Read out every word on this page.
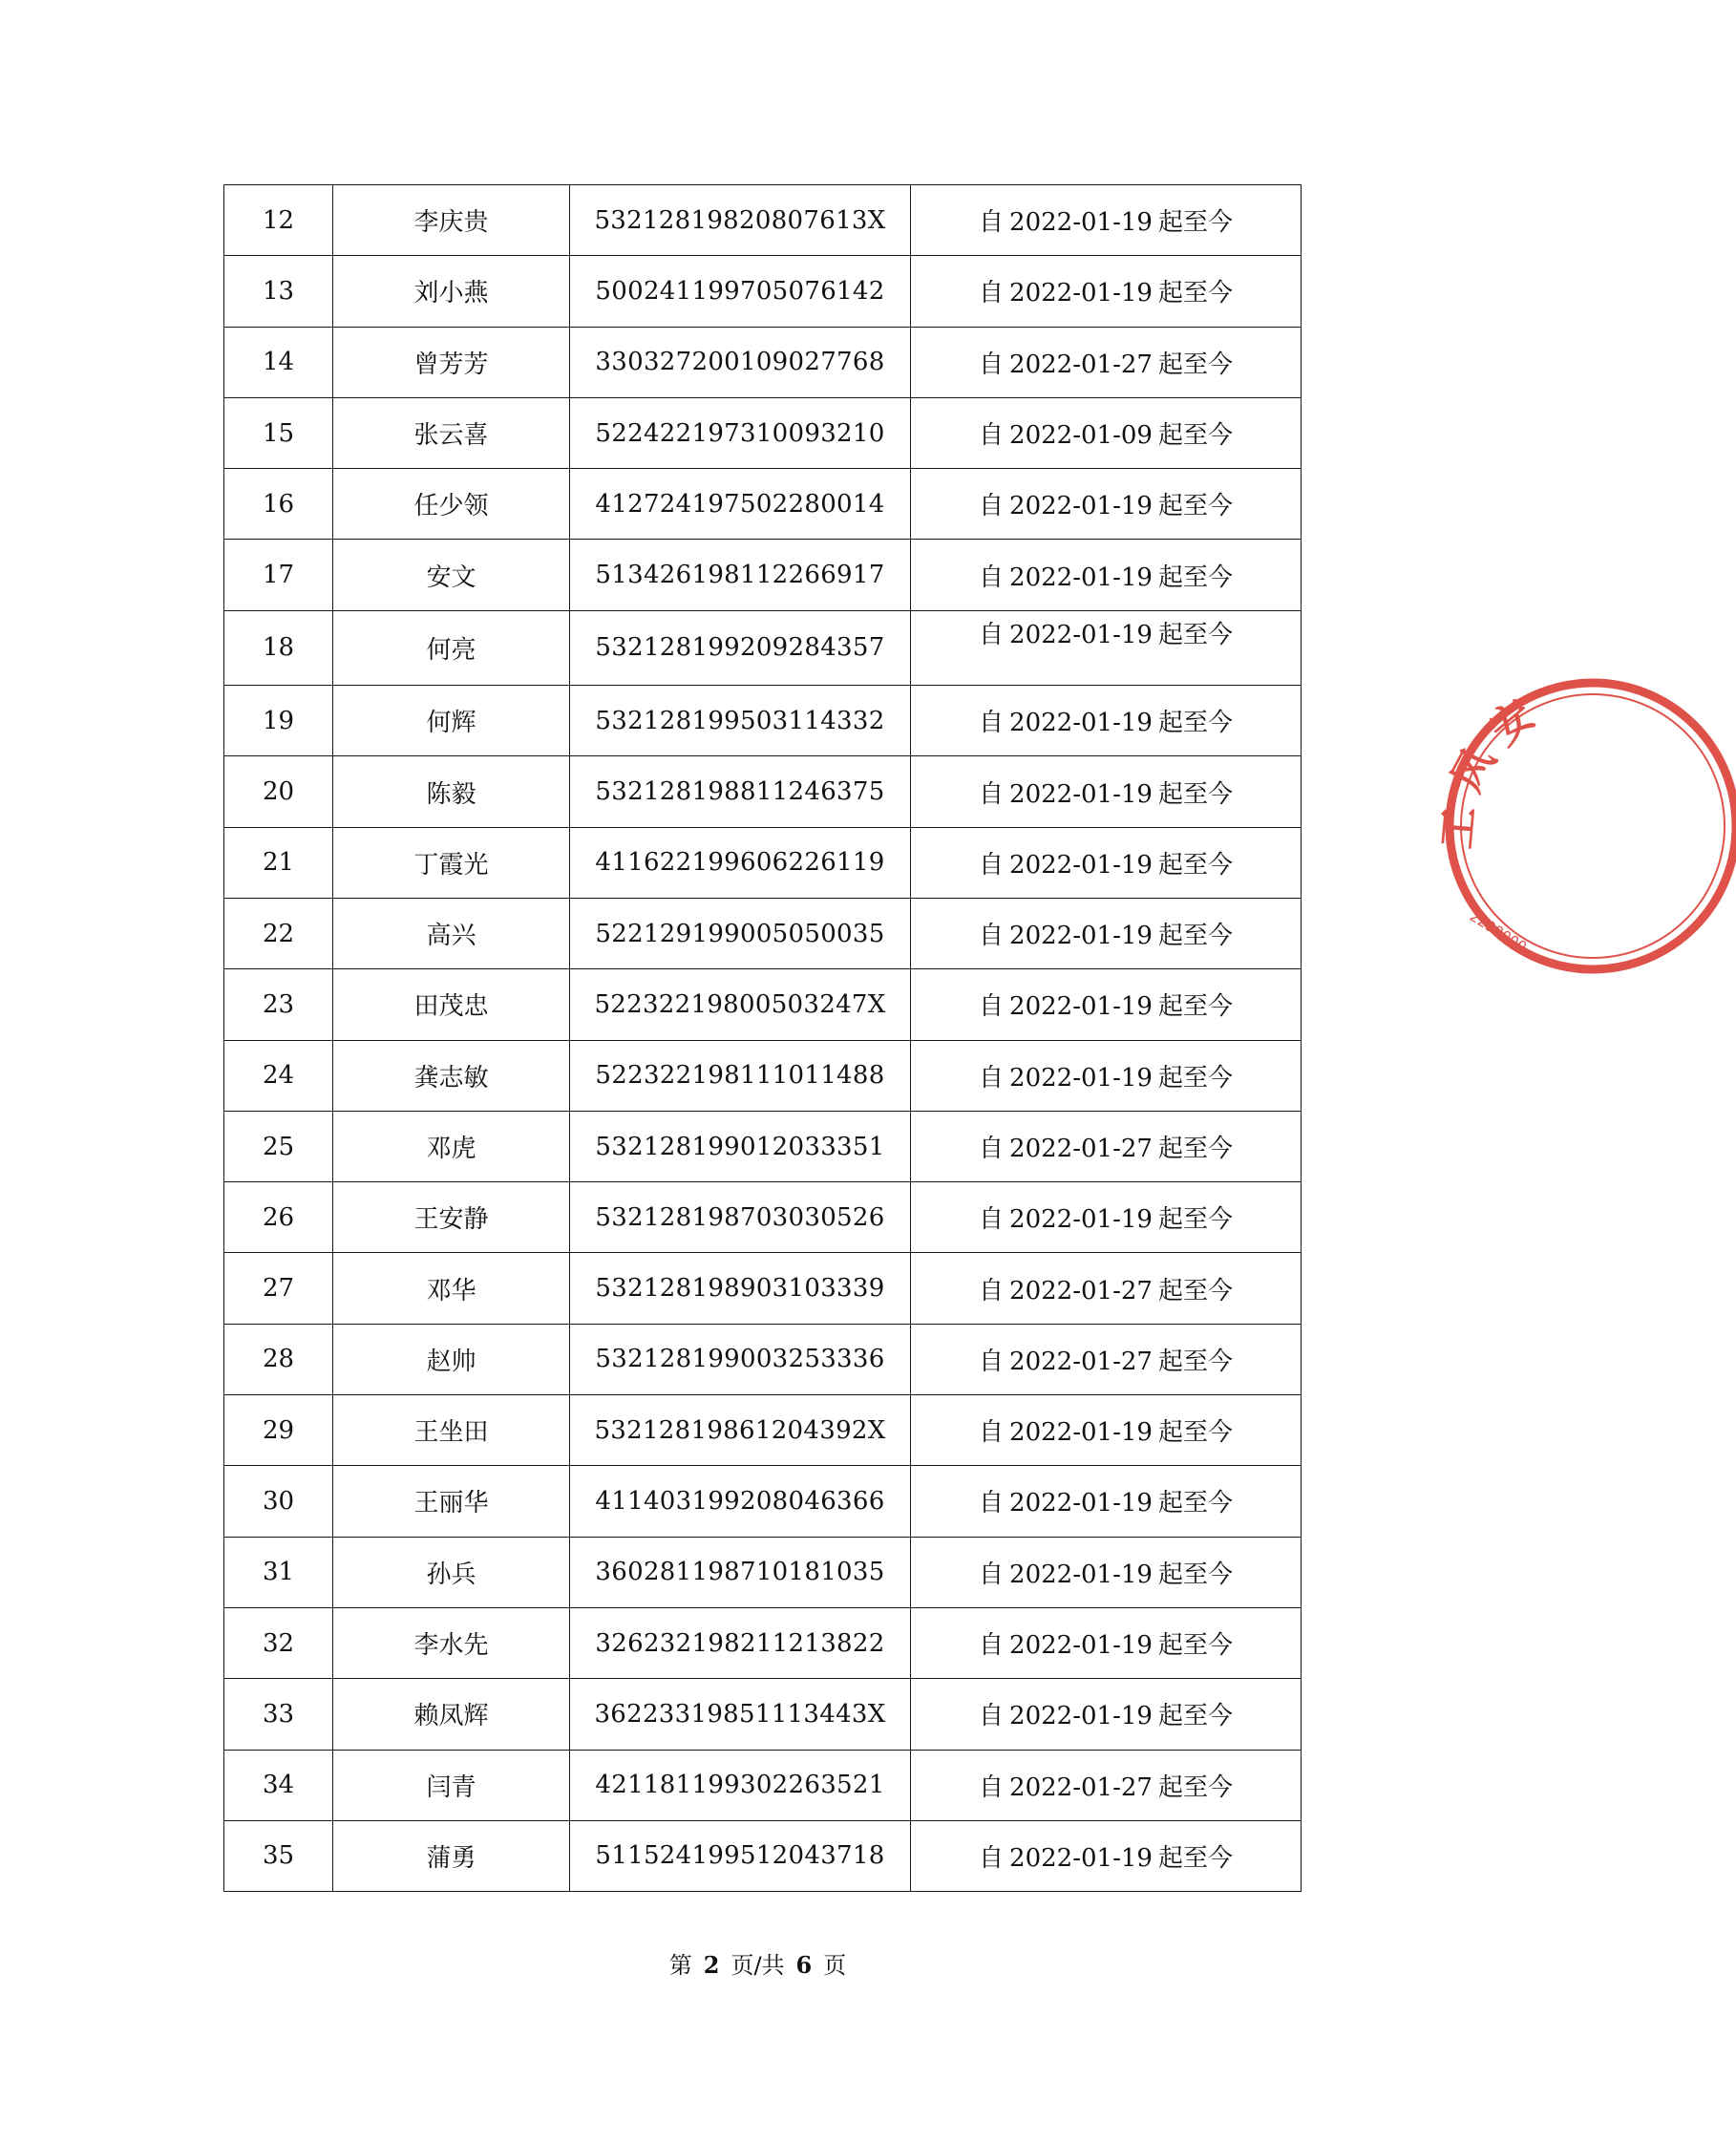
12	李庆贵	53212819820807613X	自 2022-01-19 起至今
13	刘小燕	500241199705076142	自 2022-01-19 起至今
14	曾芳芳	330327200109027768	自 2022-01-27 起至今
15	张云喜	522422197310093210	自 2022-01-09 起至今
16	任少领	412724197502280014	自 2022-01-19 起至今
17	安文	513426198112266917	自 2022-01-19 起至今
18	何亮	532128199209284357	自 2022-01-19 起至今
19	何辉	532128199503114332	自 2022-01-19 起至今
20	陈毅	532128198811246375	自 2022-01-19 起至今
21	丁霞光	411622199606226119	自 2022-01-19 起至今
22	高兴	522129199005050035	自 2022-01-19 起至今
23	田茂忠	52232219800503247X	自 2022-01-19 起至今
24	龚志敏	522322198111011488	自 2022-01-19 起至今
25	邓虎	532128199012033351	自 2022-01-27 起至今
26	王安静	532128198703030526	自 2022-01-19 起至今
27	邓华	532128198903103339	自 2022-01-27 起至今
28	赵帅	532128199003253336	自 2022-01-27 起至今
29	王坐田	53212819861204392X	自 2022-01-19 起至今
30	王丽华	411403199208046366	自 2022-01-19 起至今
31	孙兵	360281198710181035	自 2022-01-19 起至今
32	李水先	326232198211213822	自 2022-01-19 起至今
33	赖凤辉	36223319851113443X	自 2022-01-19 起至今
34	闫青	421181199302263521	自 2022-01-27 起至今
35	蒲勇	511524199512043718	自 2022-01-19 起至今
第 2 页/共 6 页
工
风
安
2290000
